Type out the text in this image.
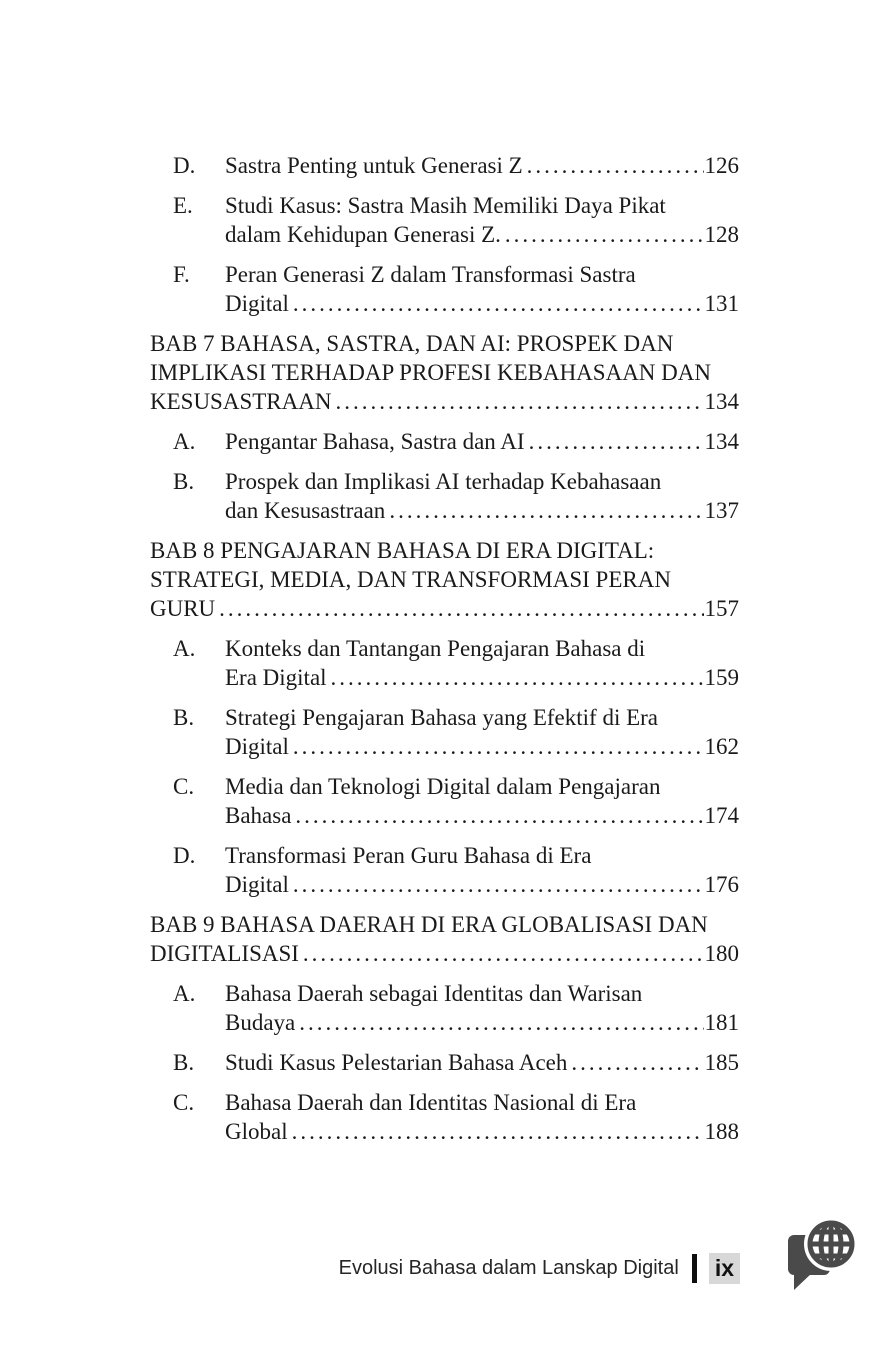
D.	Sastra Penting untuk Generasi Z .....	126
E.	Studi Kasus: Sastra Masih Memiliki Daya Pikat
dalam Kehidupan Generasi Z. .....	128
F.	Peran Generasi Z dalam Transformasi Sastra
Digital .....	131
BAB 7 BAHASA, SASTRA, DAN AI: PROSPEK DAN
IMPLIKASI TERHADAP PROFESI KEBAHASAAN DAN
KESUSASTRAAN .....	134
A.	Pengantar Bahasa, Sastra dan AI .....	134
B.	Prospek dan Implikasi AI terhadap Kebahasaan
dan Kesusastraan .....	137
BAB 8 PENGAJARAN BAHASA DI ERA DIGITAL:
STRATEGI, MEDIA, DAN TRANSFORMASI PERAN
GURU .....	157
A.	Konteks dan Tantangan Pengajaran Bahasa di
Era Digital .....	159
B.	Strategi Pengajaran Bahasa yang Efektif di Era
Digital .....	162
C.	Media dan Teknologi Digital dalam Pengajaran
Bahasa .....	174
D.	Transformasi Peran Guru Bahasa di Era
Digital .....	176
BAB 9 BAHASA DAERAH DI ERA GLOBALISASI DAN
DIGITALISASI .....	180
A.	Bahasa Daerah sebagai Identitas dan Warisan
Budaya .....	181
B.	Studi Kasus Pelestarian Bahasa Aceh .....	185
C.	Bahasa Daerah dan Identitas Nasional di Era
Global .....	188
Evolusi Bahasa dalam Lanskap Digital ix
